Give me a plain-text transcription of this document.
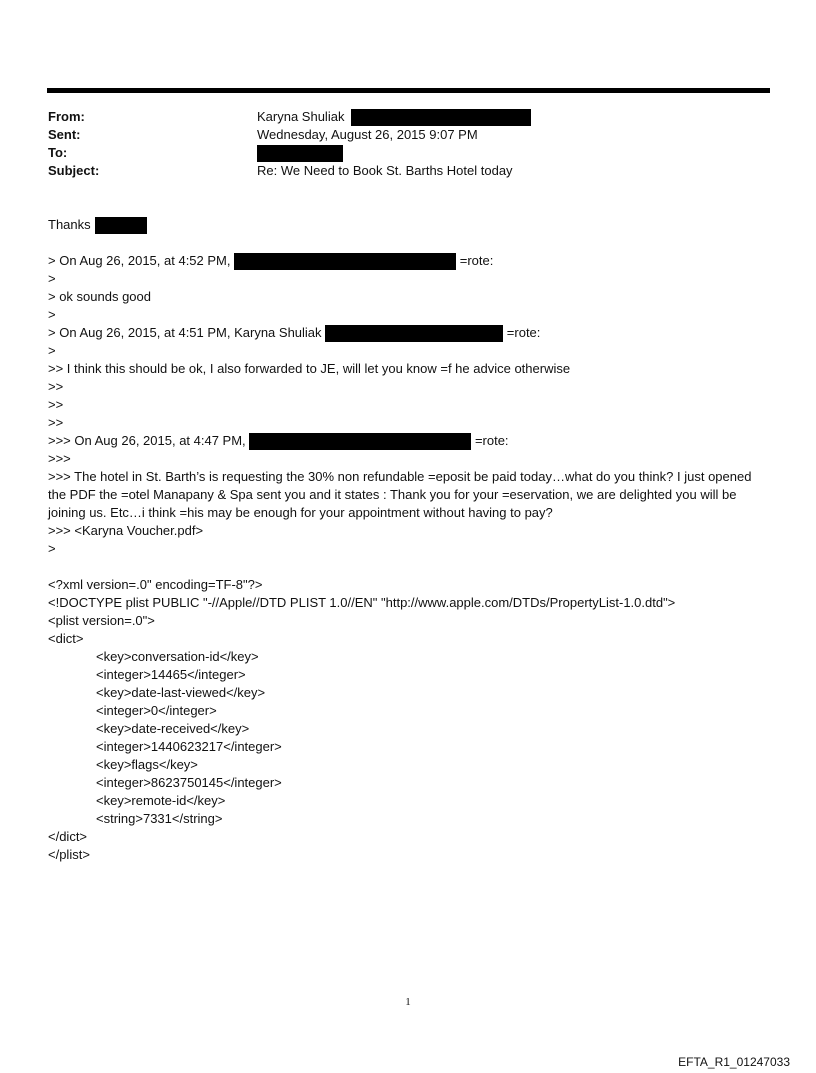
From:	Karyna Shuliak
Sent:	Wednesday, August 26, 2015 9:07 PM
To:
Subject:	Re: We Need to Book St. Barths Hotel today
Thanks
> On Aug 26, 2015, at 4:52 PM,	=rote:
>
> ok sounds good
>
> On Aug 26, 2015, at 4:51 PM, Karyna Shuliak	=rote:
>
>> I think this should be ok, I also forwarded to JE, will let you know =f he advice otherwise
>>
>>
>>
>>> On Aug 26, 2015, at 4:47 PM,	=rote:
>>>
>>> The hotel in St. Barth’s is requesting the 30% non refundable =eposit be paid today…what do you think? I just opened the PDF the =otel Manapany & Spa sent you and it states : Thank you for your =eservation, we are delighted you will be joining us. Etc…i think =his may be enough for your appointment without having to pay?
>>> <Karyna Voucher.pdf>
>
<?xml version=.0" encoding=TF-8"?>
<!DOCTYPE plist PUBLIC "-//Apple//DTD PLIST 1.0//EN" "http://www.apple.com/DTDs/PropertyList-1.0.dtd">
<plist version=.0">
<dict>
<key>conversation-id</key>
<integer>14465</integer>
<key>date-last-viewed</key>
<integer>0</integer>
<key>date-received</key>
<integer>1440623217</integer>
<key>flags</key>
<integer>8623750145</integer>
<key>remote-id</key>
<string>7331</string>
</dict>
</plist>
1
EFTA_R1_01247033
